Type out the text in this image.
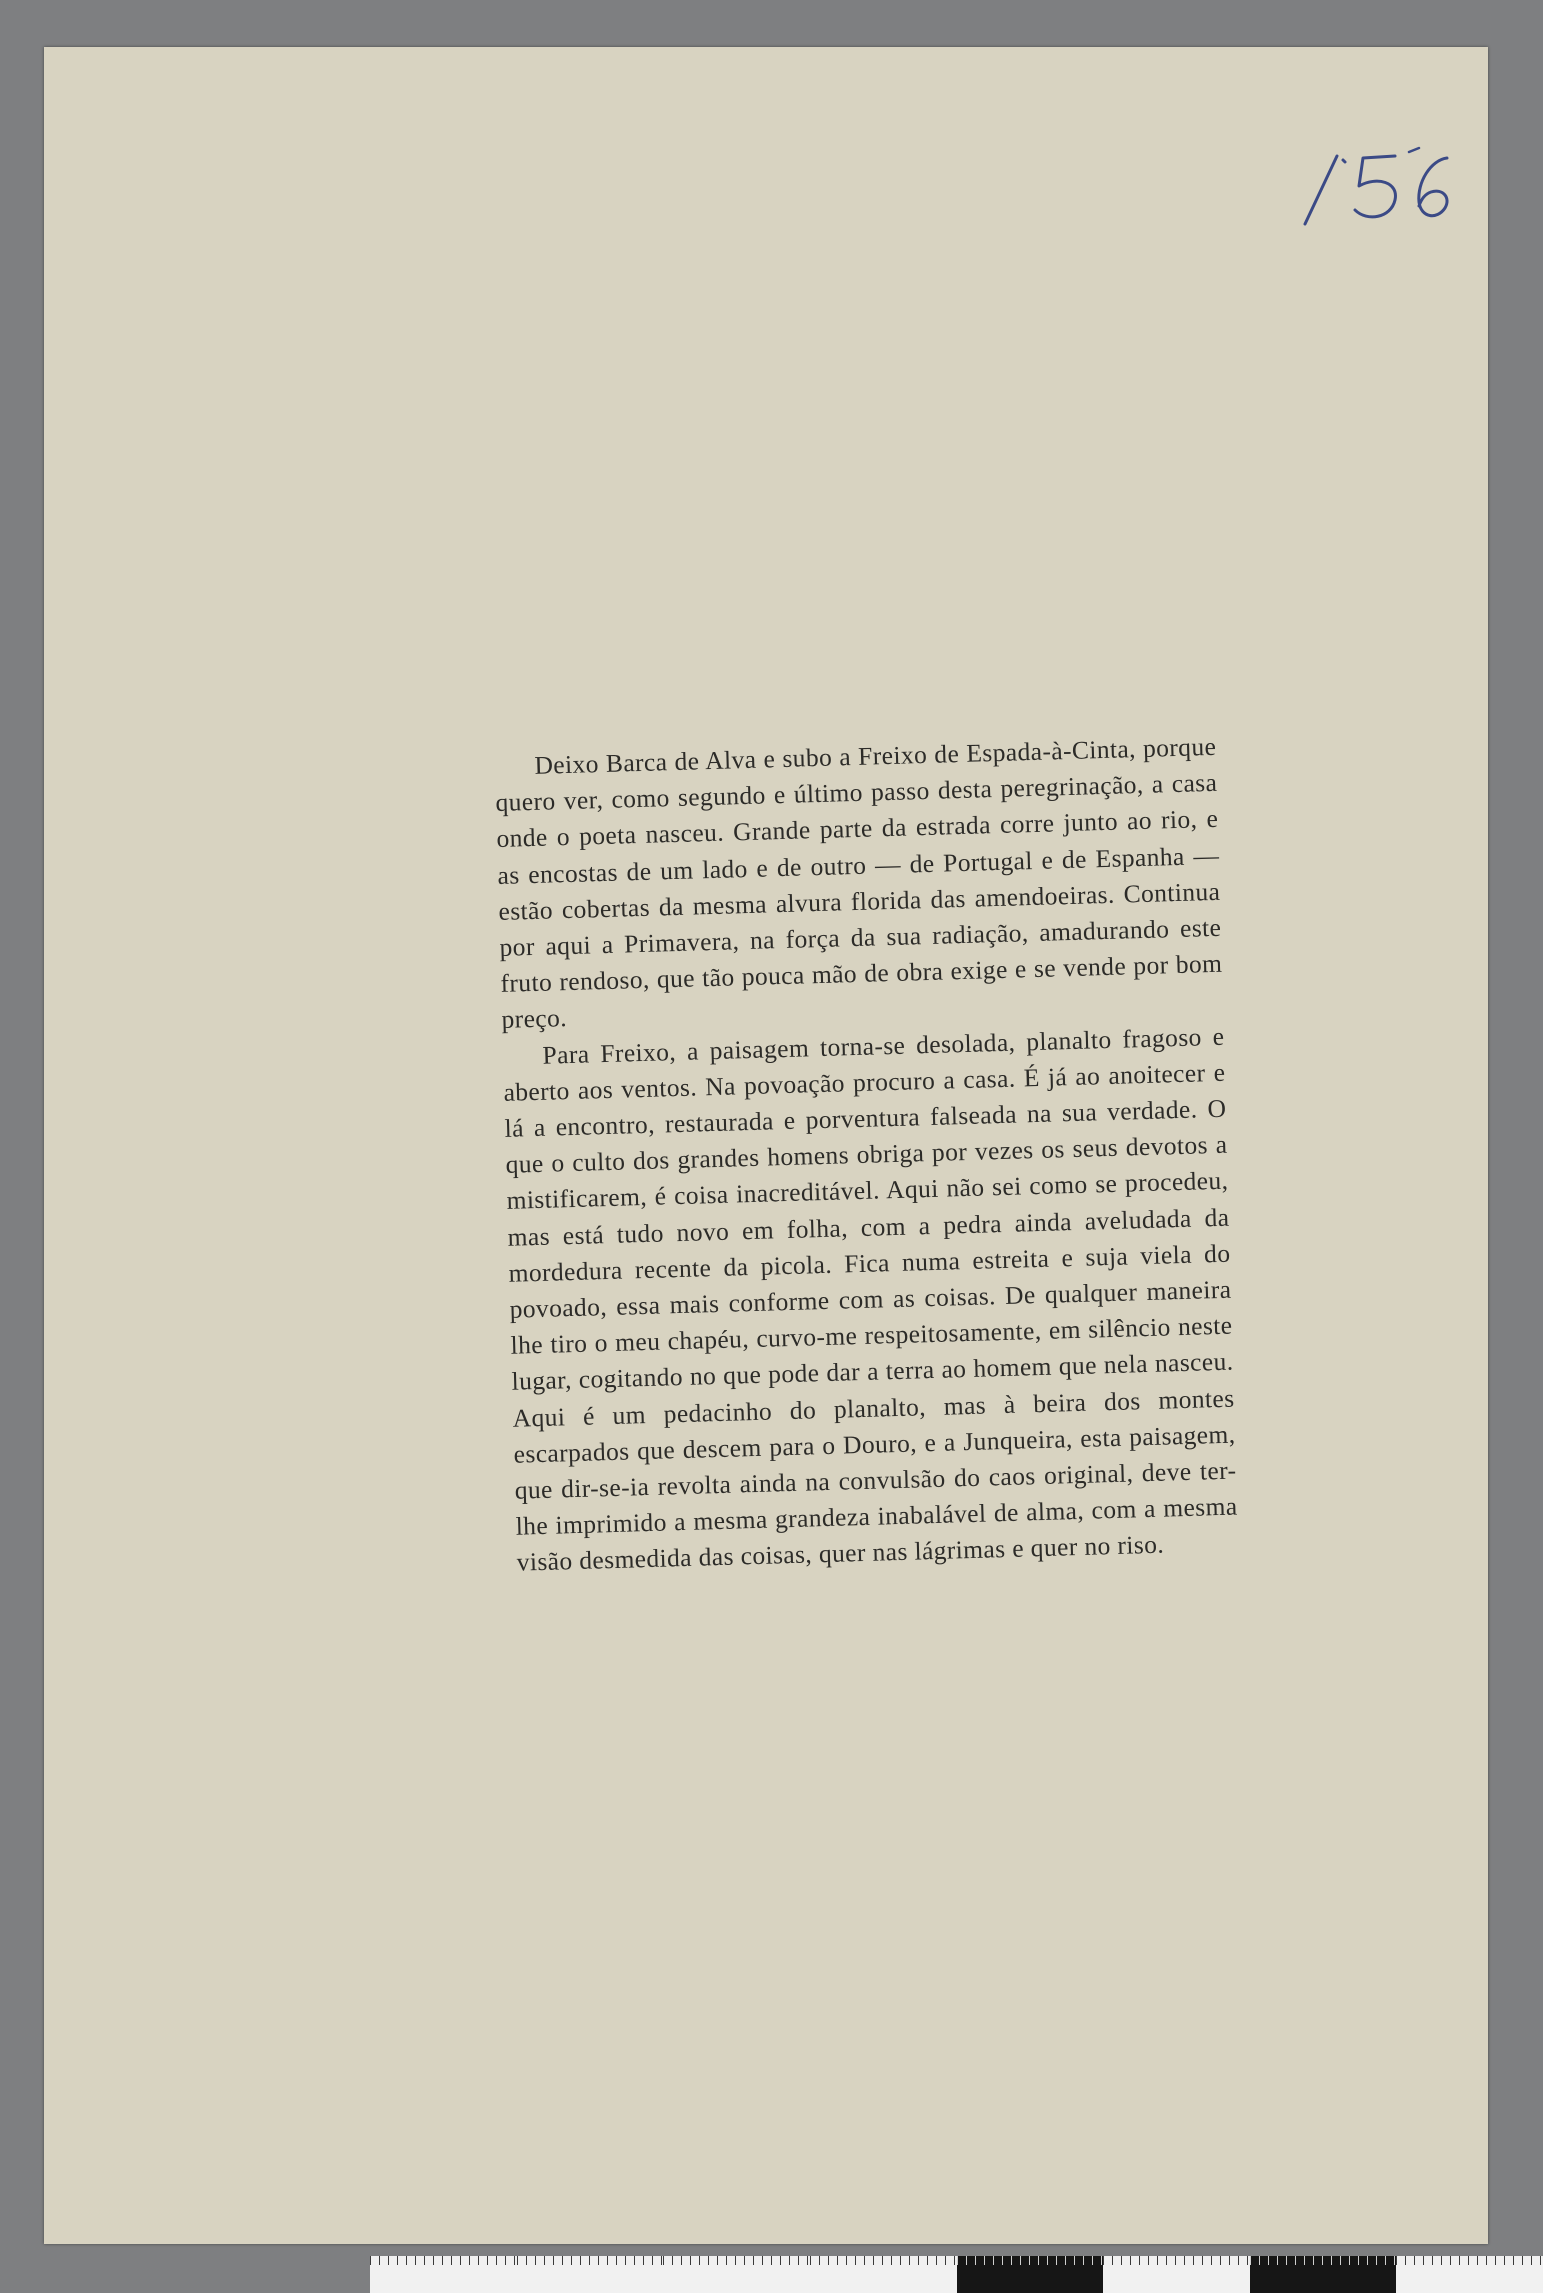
Deixo Barca de Alva e subo a Freixo de Espada-à-Cinta, porque quero ver, como segundo e último passo desta peregrinação, a casa onde o poeta nasceu. Grande parte da estrada corre junto ao rio, e as encostas de um lado e de outro — de Portugal e de Espanha — estão cobertas da mesma alvura florida das amendoeiras. Continua por aqui a Primavera, na força da sua radiação, amadurando este fruto rendoso, que tão pouca mão de obra exige e se vende por bom preço.

Para Freixo, a paisagem torna-se desolada, planalto fragoso e aberto aos ventos. Na povoação procuro a casa. É já ao anoitecer e lá a encontro, restaurada e porventura falseada na sua verdade. O que o culto dos grandes homens obriga por vezes os seus devotos a mistificarem, é coisa inacreditável. Aqui não sei como se procedeu, mas está tudo novo em folha, com a pedra ainda aveludada da mordedura recente da picola. Fica numa estreita e suja viela do povoado, essa mais conforme com as coisas. De qualquer maneira lhe tiro o meu chapéu, curvo-me respeitosamente, em silêncio neste lugar, cogitando no que pode dar a terra ao homem que nela nasceu. Aqui é um pedacinho do planalto, mas à beira dos montes escarpados que descem para o Douro, e a Junqueira, esta paisagem, que dir-se-ia revolta ainda na convulsão do caos original, deve ter-lhe imprimido a mesma grandeza inabalável de alma, com a mesma visão desmedida das coisas, quer nas lágrimas e quer no riso.
